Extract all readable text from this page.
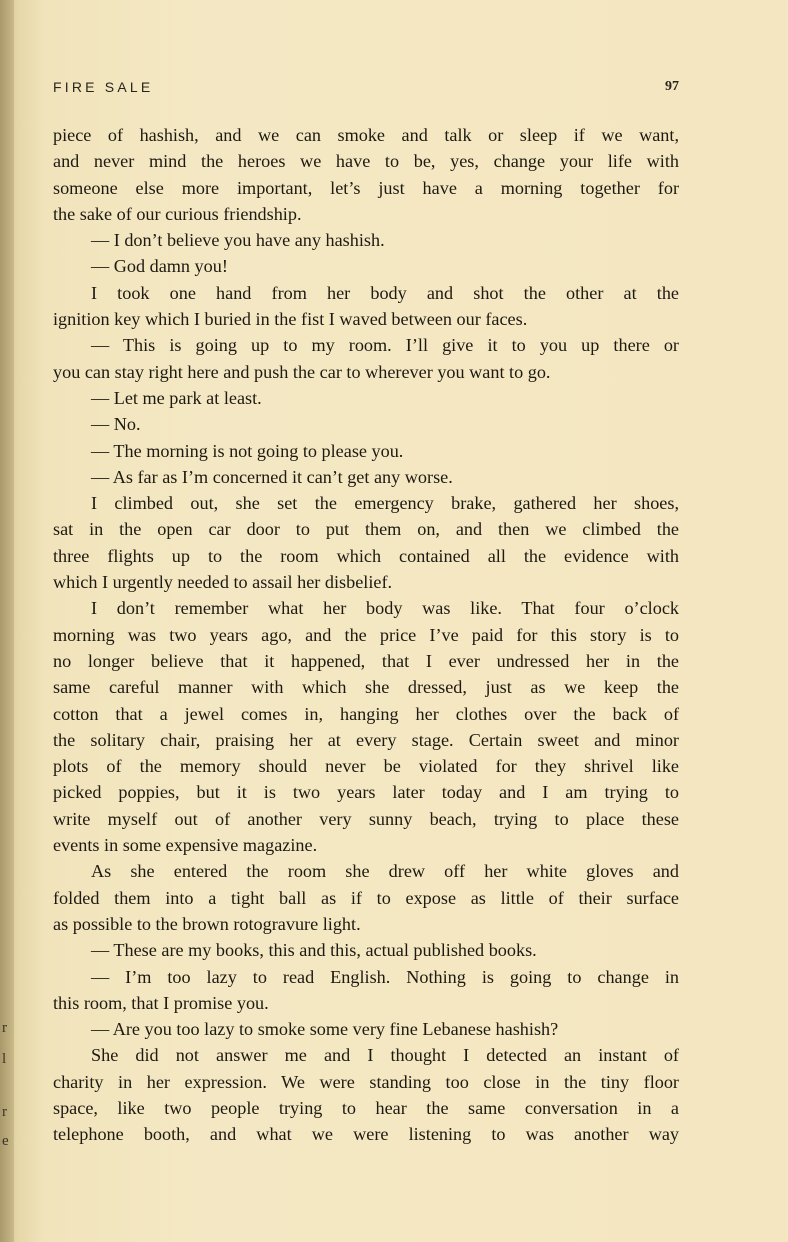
FIRE SALE	97
piece of hashish, and we can smoke and talk or sleep if we want,
and never mind the heroes we have to be, yes, change your life with
someone else more important, let’s just have a morning together for
the sake of our curious friendship.
— I don’t believe you have any hashish.
— God damn you!
I took one hand from her body and shot the other at the
ignition key which I buried in the fist I waved between our faces.
— This is going up to my room. I’ll give it to you up there or
you can stay right here and push the car to wherever you want to go.
— Let me park at least.
— No.
— The morning is not going to please you.
— As far as I’m concerned it can’t get any worse.
I climbed out, she set the emergency brake, gathered her shoes,
sat in the open car door to put them on, and then we climbed the
three flights up to the room which contained all the evidence with
which I urgently needed to assail her disbelief.
I don’t remember what her body was like. That four o’clock
morning was two years ago, and the price I’ve paid for this story is to
no longer believe that it happened, that I ever undressed her in the
same careful manner with which she dressed, just as we keep the
cotton that a jewel comes in, hanging her clothes over the back of
the solitary chair, praising her at every stage. Certain sweet and minor
plots of the memory should never be violated for they shrivel like
picked poppies, but it is two years later today and I am trying to
write myself out of another very sunny beach, trying to place these
events in some expensive magazine.
As she entered the room she drew off her white gloves and
folded them into a tight ball as if to expose as little of their surface
as possible to the brown rotogravure light.
— These are my books, this and this, actual published books.
— I’m too lazy to read English. Nothing is going to change in
this room, that I promise you.
— Are you too lazy to smoke some very fine Lebanese hashish?
She did not answer me and I thought I detected an instant of
charity in her expression. We were standing too close in the tiny floor
space, like two people trying to hear the same conversation in a
telephone booth, and what we were listening to was another way
r
l
r
e
